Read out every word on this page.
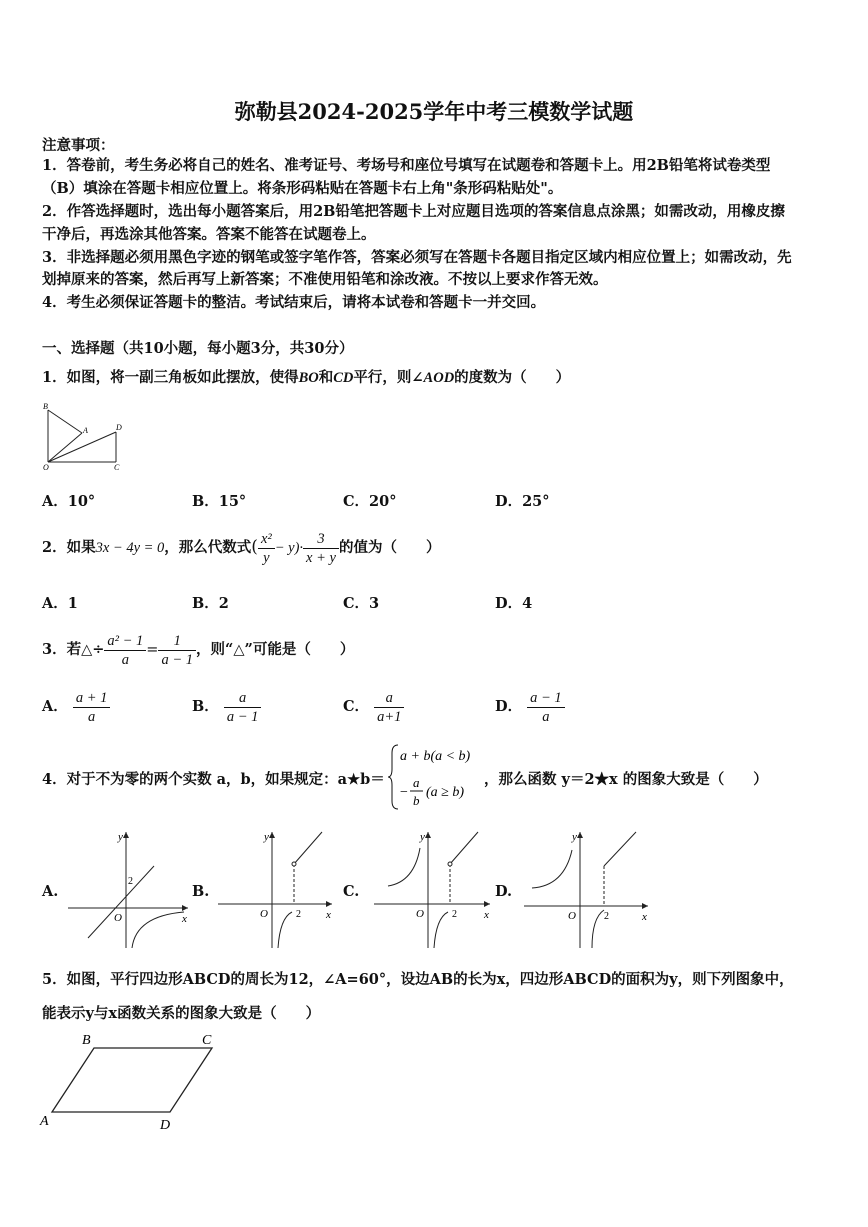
弥勒县2024-2025学年中考三模数学试题
注意事项：
1．答卷前，考生务必将自己的姓名、准考证号、考场号和座位号填写在试题卷和答题卡上。用2B铅笔将试卷类型
（B）填涂在答题卡相应位置上。将条形码粘贴在答题卡右上角"条形码粘贴处"。
2．作答选择题时，选出每小题答案后，用2B铅笔把答题卡上对应题目选项的答案信息点涂黑；如需改动，用橡皮擦
干净后，再选涂其他答案。答案不能答在试题卷上。
3．非选择题必须用黑色字迹的钢笔或签字笔作答，答案必须写在答题卡各题目指定区域内相应位置上；如需改动，先
划掉原来的答案，然后再写上新答案；不准使用铅笔和涂改液。不按以上要求作答无效。
4．考生必须保证答题卡的整洁。考试结束后，请将本试卷和答题卡一并交回。
一、选择题（共10小题，每小题3分，共30分）
1．如图，将一副三角板如此摆放，使得BO和CD平行，则∠AOD的度数为（　　）
B
A	D
O	C
A．10°	B．15°	C．20°	D．25°
2．如果3x − 4y = 0，那么代数式( $\frac{\text{x²}}{y} - y)\cdot \frac{3}{x + y}$ 的值为（　　）
A．1	B．2	C．3	D．4
3．若△÷ $\frac{\text{a² − 1}}{a} = \frac{1}{a - 1}$ ，则“△”可能是（　　）
A． $\frac{a + 1}{a}$	B． $\frac{a}{a - 1}$	C． $\frac{a}{a+1}$	D． $\frac{a - 1}{a}$
4．对于不为零的两个实数 a，b，如果规定：a★b＝
a + b(a < b)
−
a
b
(a ≥ b)
，那么函数 y＝2★x 的图象大致是（　　）
A.
x
y
O
2
B.
x
y
O	2
C.
x
y
O	2
D.
x
y
O	2
5．如图，平行四边形ABCD的周长为12，∠A=60°，设边AB的长为x，四边形ABCD的面积为y，则下列图象中，
能表示y与x函数关系的图象大致是（　　）
B	C
A	D
